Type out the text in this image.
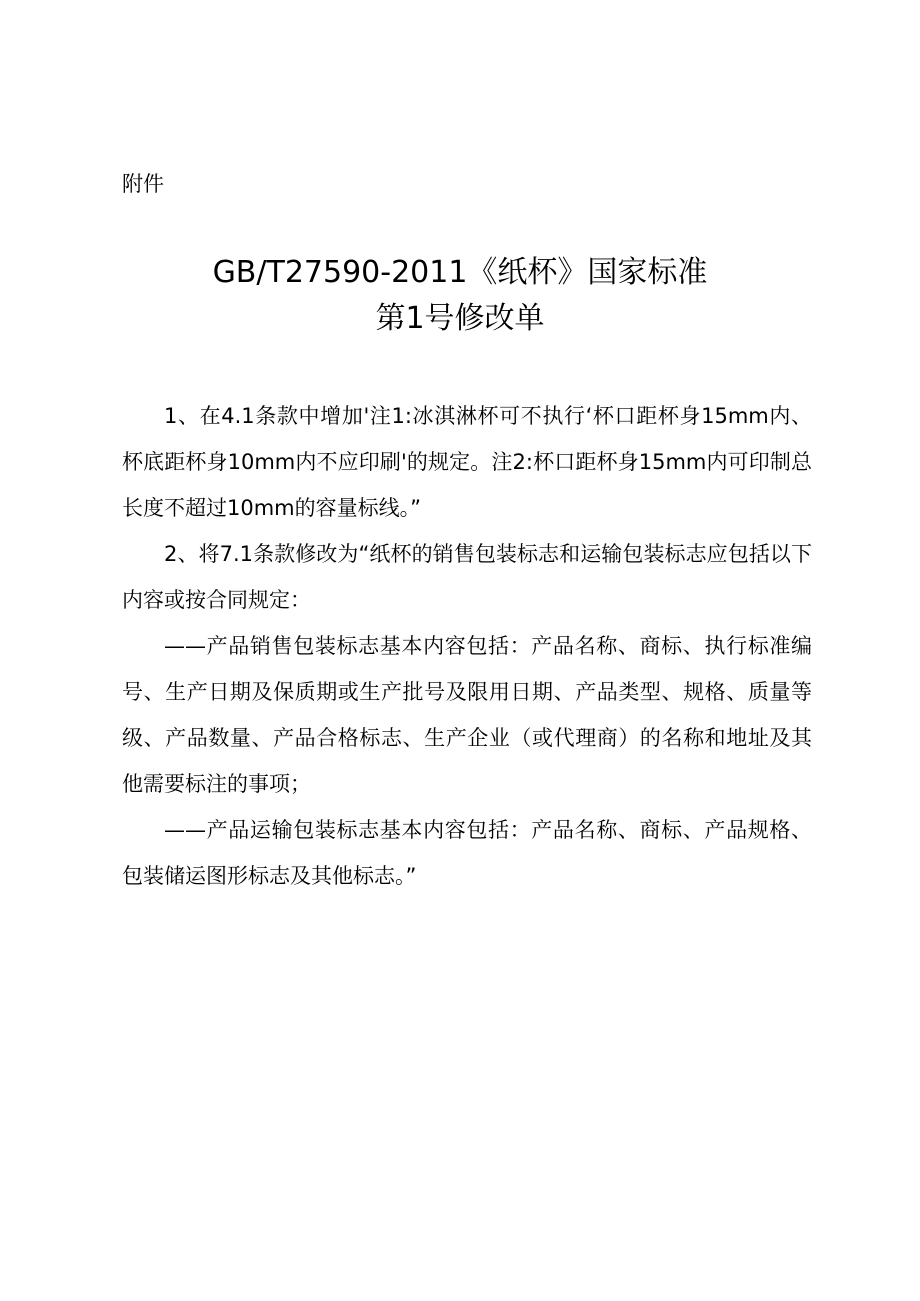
附件
GB/T27590-2011《纸杯》国家标准
第1号修改单

1、在4.1条款中增加'注1:冰淇淋杯可不执行‘杯口距杯身15mm内、杯底距杯身10mm内不应印刷'的规定。注2:杯口距杯身15mm内可印制总长度不超过10mm的容量标线。”

2、将7.1条款修改为“纸杯的销售包装标志和运输包装标志应包括以下内容或按合同规定：

——产品销售包装标志基本内容包括：产品名称、商标、执行标准编号、生产日期及保质期或生产批号及限用日期、产品类型、规格、质量等级、产品数量、产品合格标志、生产企业（或代理商）的名称和地址及其他需要标注的事项；

——产品运输包装标志基本内容包括：产品名称、商标、产品规格、包装储运图形标志及其他标志。”
